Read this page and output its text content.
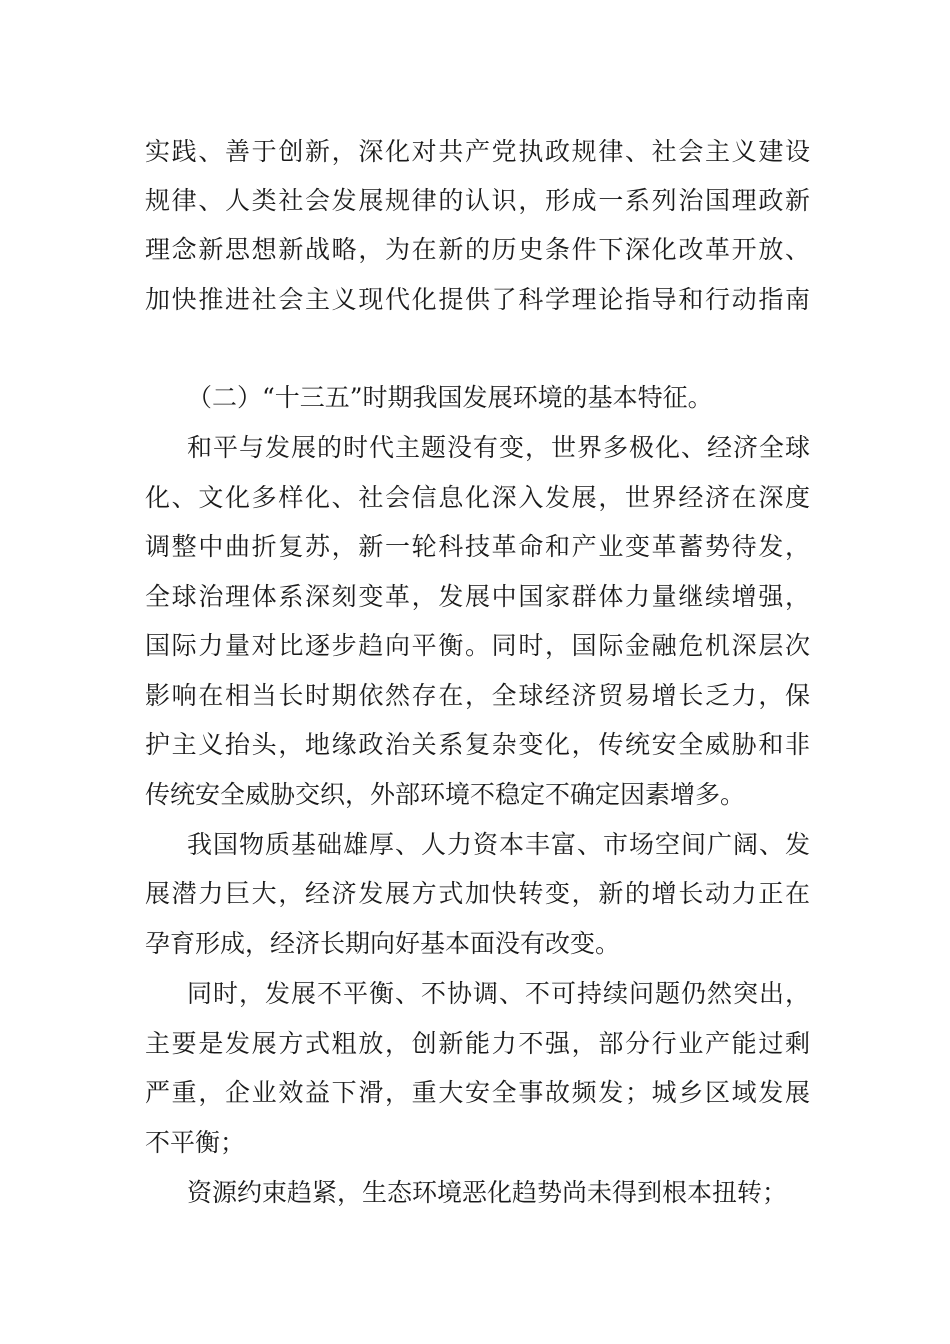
实践、善于创新，深化对共产党执政规律、社会主义建设
规律、人类社会发展规律的认识，形成一系列治国理政新
理念新思想新战略，为在新的历史条件下深化改革开放、
加快推进社会主义现代化提供了科学理论指导和行动指南
（二）“十三五”时期我国发展环境的基本特征。
和平与发展的时代主题没有变，世界多极化、经济全球
化、文化多样化、社会信息化深入发展，世界经济在深度
调整中曲折复苏，新一轮科技革命和产业变革蓄势待发，
全球治理体系深刻变革，发展中国家群体力量继续增强，
国际力量对比逐步趋向平衡。同时，国际金融危机深层次
影响在相当长时期依然存在，全球经济贸易增长乏力，保
护主义抬头，地缘政治关系复杂变化，传统安全威胁和非
传统安全威胁交织，外部环境不稳定不确定因素增多。
我国物质基础雄厚、人力资本丰富、市场空间广阔、发
展潜力巨大，经济发展方式加快转变，新的增长动力正在
孕育形成，经济长期向好基本面没有改变。
同时，发展不平衡、不协调、不可持续问题仍然突出，
主要是发展方式粗放，创新能力不强，部分行业产能过剩
严重，企业效益下滑，重大安全事故频发；城乡区域发展
不平衡；
资源约束趋紧，生态环境恶化趋势尚未得到根本扭转；
